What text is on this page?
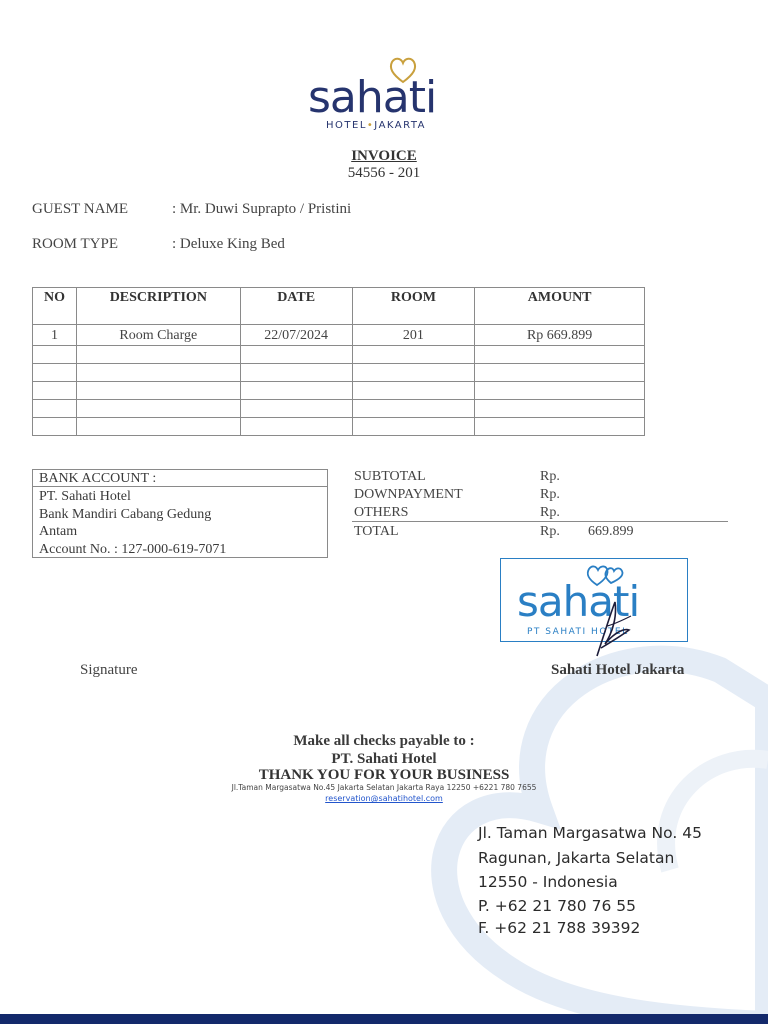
sahati
HOTEL•JAKARTA
INVOICE
54556 - 201
GUEST NAME	: Mr. Duwi Suprapto / Pristini
ROOM TYPE	: Deluxe King Bed
NO	DESCRIPTION	DATE	ROOM	AMOUNT
1	Room Charge	22/07/2024	201	Rp 669.899

BANK ACCOUNT :
PT. Sahati Hotel
Bank Mandiri Cabang Gedung
Antam
Account No. : 127-000-619-7071
SUBTOTAL	Rp.
DOWNPAYMENT	Rp.
OTHERS	Rp.
TOTAL	Rp. 669.899
sahati
PT SAHATI HOTEL
Signature	Sahati Hotel Jakarta
Make all checks payable to :
PT. Sahati Hotel
THANK YOU FOR YOUR BUSINESS
Jl.Taman Margasatwa No.45 Jakarta Selatan Jakarta Raya 12250 +6221 780 7655
reservation@sahatihotel.com
Jl. Taman Margasatwa No. 45
Ragunan, Jakarta Selatan
12550 - Indonesia
P. +62 21 780 76 55
F. +62 21 788 39392
